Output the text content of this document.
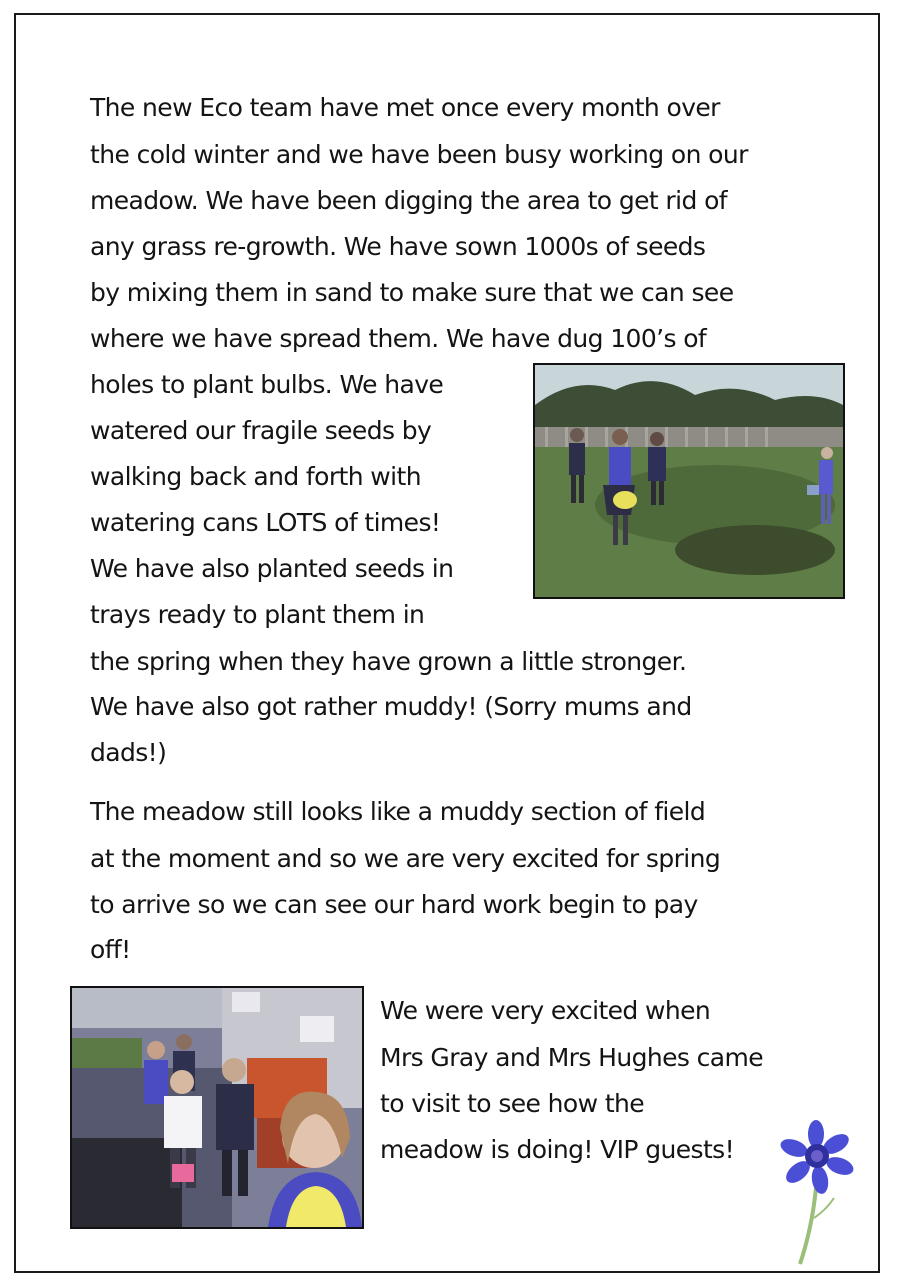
The new Eco team have met once every month over
the cold winter and we have been busy working on our
meadow. We have been digging the area to get rid of
any grass re-growth. We have sown 1000s of seeds
by mixing them in sand to make sure that we can see
where we have spread them. We have dug 100’s of
holes to plant bulbs. We have
watered our fragile seeds by
walking back and forth with
watering cans LOTS of times!
We have also planted seeds in
trays ready to plant them in
the spring when they have grown a little stronger.
We have also got rather muddy! (Sorry mums and
dads!)
The meadow still looks like a muddy section of field
at the moment and so we are very excited for spring
to arrive so we can see our hard work begin to pay
off!
We were very excited when
Mrs Gray and Mrs Hughes came
to visit to see how the
meadow is doing! VIP guests!
